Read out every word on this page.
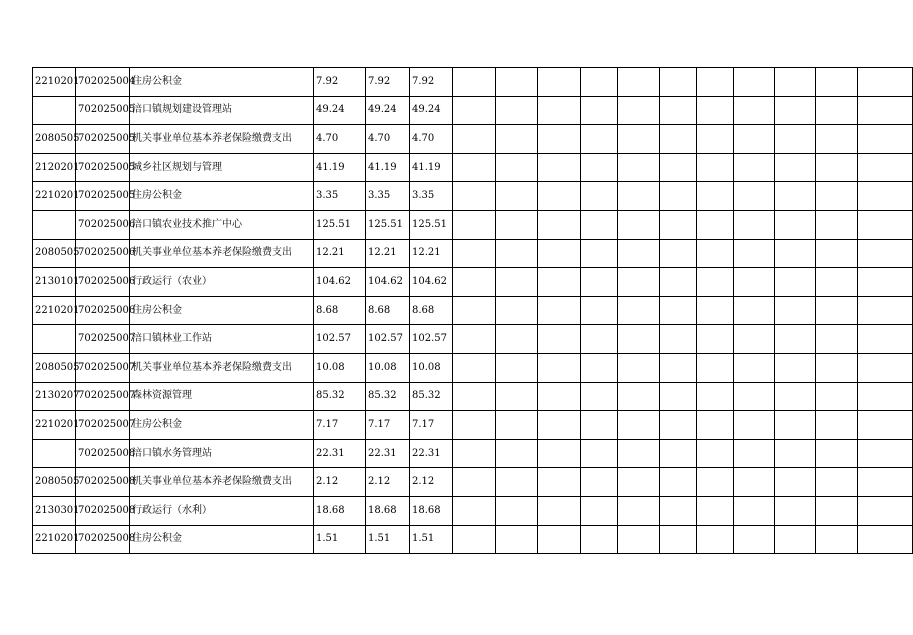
2210201	702025004	住房公积金	7.92	7.92	7.92											
	702025005	涪口镇规划建设管理站	49.24	49.24	49.24											
2080505	702025005	机关事业单位基本养老保险缴费支出	4.70	4.70	4.70											
2120201	702025005	城乡社区规划与管理	41.19	41.19	41.19											
2210201	702025005	住房公积金	3.35	3.35	3.35											
	702025006	涪口镇农业技术推广中心	125.51	125.51	125.51											
2080505	702025006	机关事业单位基本养老保险缴费支出	12.21	12.21	12.21											
2130101	702025006	行政运行（农业）	104.62	104.62	104.62											
2210201	702025006	住房公积金	8.68	8.68	8.68											
	702025007	涪口镇林业工作站	102.57	102.57	102.57											
2080505	702025007	机关事业单位基本养老保险缴费支出	10.08	10.08	10.08											
2130207	702025007	森林资源管理	85.32	85.32	85.32											
2210201	702025007	住房公积金	7.17	7.17	7.17											
	702025008	涪口镇水务管理站	22.31	22.31	22.31											
2080505	702025008	机关事业单位基本养老保险缴费支出	2.12	2.12	2.12											
2130301	702025008	行政运行（水利）	18.68	18.68	18.68											
2210201	702025008	住房公积金	1.51	1.51	1.51											
